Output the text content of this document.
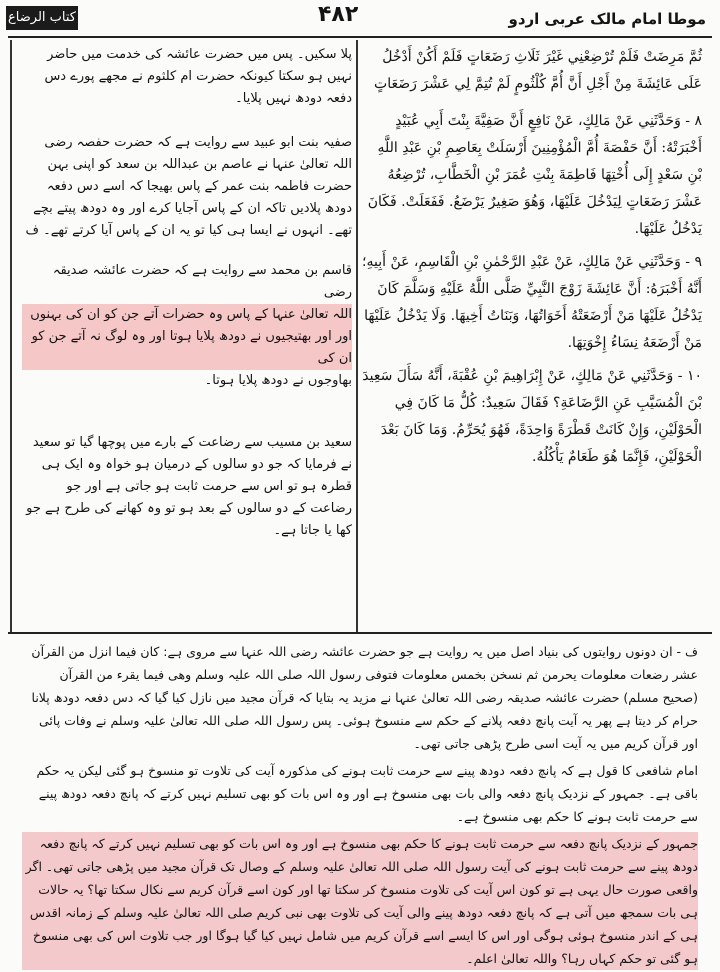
کتاب الرضاع	۴۸۲	موطا امام مالک عربی اردو

پلا سکیں۔ پس میں حضرت عائشہ کی خدمت میں حاضر نہیں ہو سکتا کیونکہ حضرت ام کلثوم نے مجھے پورے دس دفعہ دودھ نہیں پلایا۔

صفیہ بنت ابو عبید سے روایت ہے کہ حضرت حفصہ رضی اللہ تعالیٰ عنہا نے عاصم بن عبداللہ بن سعد کو اپنی بہن حضرت فاطمہ بنت عمر کے پاس بھیجا کہ اسے دس دفعہ دودھ پلادیں تاکہ ان کے پاس آجایا کرے اور وہ دودھ پیتے بچے تھے۔ انہوں نے ایسا ہی کیا تو یہ ان کے پاس آیا کرتے تھے۔ ف

قاسم بن محمد سے روایت ہے کہ حضرت عائشہ صدیقہ رضی

اللہ تعالیٰ عنہا کے پاس وہ حضرات آتے جن کو ان کی بہنوں اور اور بھتیجیوں نے دودھ پلایا ہوتا اور وہ لوگ نہ آتے جن کو ان کی

بھاوجوں نے دودھ پلایا ہوتا۔

سعید بن مسیب سے رضاعت کے بارے میں پوچھا گیا تو سعید نے فرمایا کہ جو دو سالوں کے درمیان ہو خواہ وہ ایک ہی قطرہ ہو تو اس سے حرمت ثابت ہو جاتی ہے اور جو رضاعت کے دو سالوں کے بعد ہو تو وہ کھانے کی طرح ہے جو کھا یا جاتا ہے۔

ثُمَّ مَرِضَتْ فَلَمْ تُرْضِعْنِي غَيْرَ ثَلَاثِ رَضَعَاتٍ فَلَمْ أَكُنْ أَدْخُلُ عَلَى عَائِشَةَ مِنْ أَجْلِ أَنَّ أُمَّ كُلْثُومٍ لَمْ تُتِمَّ لِي عَشْرَ رَضَعَاتٍ

٨ - وَحَدَّثَنِي عَنْ مَالِكٍ، عَنْ نَافِعٍ أَنَّ صَفِيَّةَ بِنْتَ أَبِي عُبَيْدٍ أَخْبَرَتْهُ: أَنَّ حَفْصَةَ أُمَّ الْمُؤْمِنِينَ أَرْسَلَتْ بِعَاصِمِ بْنِ عَبْدِ اللَّهِ بْنِ سَعْدٍ إِلَى أُخْتِهَا فَاطِمَةَ بِنْتِ عُمَرَ بْنِ الْخَطَّابِ، تُرْضِعُهُ عَشْرَ رَضَعَاتٍ لِيَدْخُلَ عَلَيْهَا، وَهُوَ صَغِيرٌ يَرْضَعُ. فَفَعَلَتْ. فَكَانَ يَدْخُلُ عَلَيْهَا.

٩ - وَحَدَّثَنِي عَنْ مَالِكٍ، عَنْ عَبْدِ الرَّحْمٰنِ بْنِ الْقَاسِمِ، عَنْ أَبِيهِ؛ أَنَّهُ أَخْبَرَهُ: أَنَّ عَائِشَةَ زَوْجَ النَّبِيِّ صَلَّى اللَّهُ عَلَيْهِ وَسَلَّمَ كَانَ يَدْخُلُ عَلَيْهَا مَنْ أَرْضَعَتْهُ أَخَوَاتُهَا، وَبَنَاتُ أَخِيهَا. وَلَا يَدْخُلُ عَلَيْهَا مَنْ أَرْضَعَهُ نِسَاءُ إِخْوَتِهَا.

١٠ - وَحَدَّثَنِي عَنْ مَالِكٍ، عَنْ إِبْرَاهِيمَ بْنِ عُقْبَةَ، أَنَّهُ سَأَلَ سَعِيدَ بْنَ الْمُسَيَّبِ عَنِ الرَّضَاعَةِ؟ فَقَالَ سَعِيدٌ: كُلُّ مَا كَانَ فِي الْحَوْلَيْنِ، وَإِنْ كَانَتْ قَطْرَةً وَاحِدَةً، فَهُوَ يُحَرِّمُ. وَمَا كَانَ بَعْدَ الْحَوْلَيْنِ، فَإِنَّمَا هُوَ طَعَامٌ يَأْكُلُهُ.

ف - ان دونوں روایتوں کی بنیاد اصل میں یہ روایت ہے جو حضرت عائشہ رضی اللہ عنہا سے مروی ہے: کان فیما انزل من القرآن عشر رضعات معلومات یحرمن ثم نسخن بخمس معلومات فتوفی رسول اللہ صلی اللہ علیہ وسلم وھی فیما یقرء من القرآن (صحیح مسلم) حضرت عائشہ صدیقہ رضی اللہ تعالیٰ عنہا نے مزید یہ بتایا کہ قرآن مجید میں نازل کیا گیا کہ دس دفعہ دودھ پلانا حرام کر دیتا ہے پھر یہ آیت پانچ دفعہ پلانے کے حکم سے منسوخ ہوئی۔ پس رسول اللہ صلی اللہ تعالیٰ علیہ وسلم نے وفات پائی اور قرآن کریم میں یہ آیت اسی طرح پڑھی جاتی تھی۔

امام شافعی کا قول ہے کہ پانچ دفعہ دودھ پینے سے حرمت ثابت ہونے کی مذکورہ آیت کی تلاوت تو منسوخ ہو گئی لیکن یہ حکم باقی ہے۔ جمہور کے نزدیک پانچ دفعہ والی بات بھی منسوخ ہے اور وہ اس بات کو بھی تسلیم نہیں کرتے کہ پانچ دفعہ دودھ پینے سے حرمت ثابت ہونے کا حکم بھی منسوخ ہے۔

جمہور کے نزدیک پانچ دفعہ سے حرمت ثابت ہونے کا حکم بھی منسوخ ہے اور وہ اس بات کو بھی تسلیم نہیں کرتے کہ پانچ دفعہ دودھ پینے سے حرمت ثابت ہونے کی آیت رسول اللہ صلی اللہ تعالیٰ علیہ وسلم کے وصال تک قرآن مجید میں پڑھی جاتی تھی۔ اگر واقعی صورت حال یہی ہے تو کون اس آیت کی تلاوت منسوخ کر سکتا تھا اور کون اسے قرآن کریم سے نکال سکتا تھا؟ یہ حالات ہی بات سمجھ میں آتی ہے کہ پانچ دفعہ دودھ پینے والی آیت کی تلاوت بھی نبی کریم صلی اللہ تعالیٰ علیہ وسلم کے زمانہ اقدس ہی کے اندر منسوخ ہوئی ہوگی اور اس کا ایسے اسے قرآن کریم میں شامل نہیں کیا گیا ہوگا اور جب تلاوت اس کی بھی منسوخ ہو گئی تو حکم کہاں رہا؟ واللہ تعالیٰ اعلم۔
